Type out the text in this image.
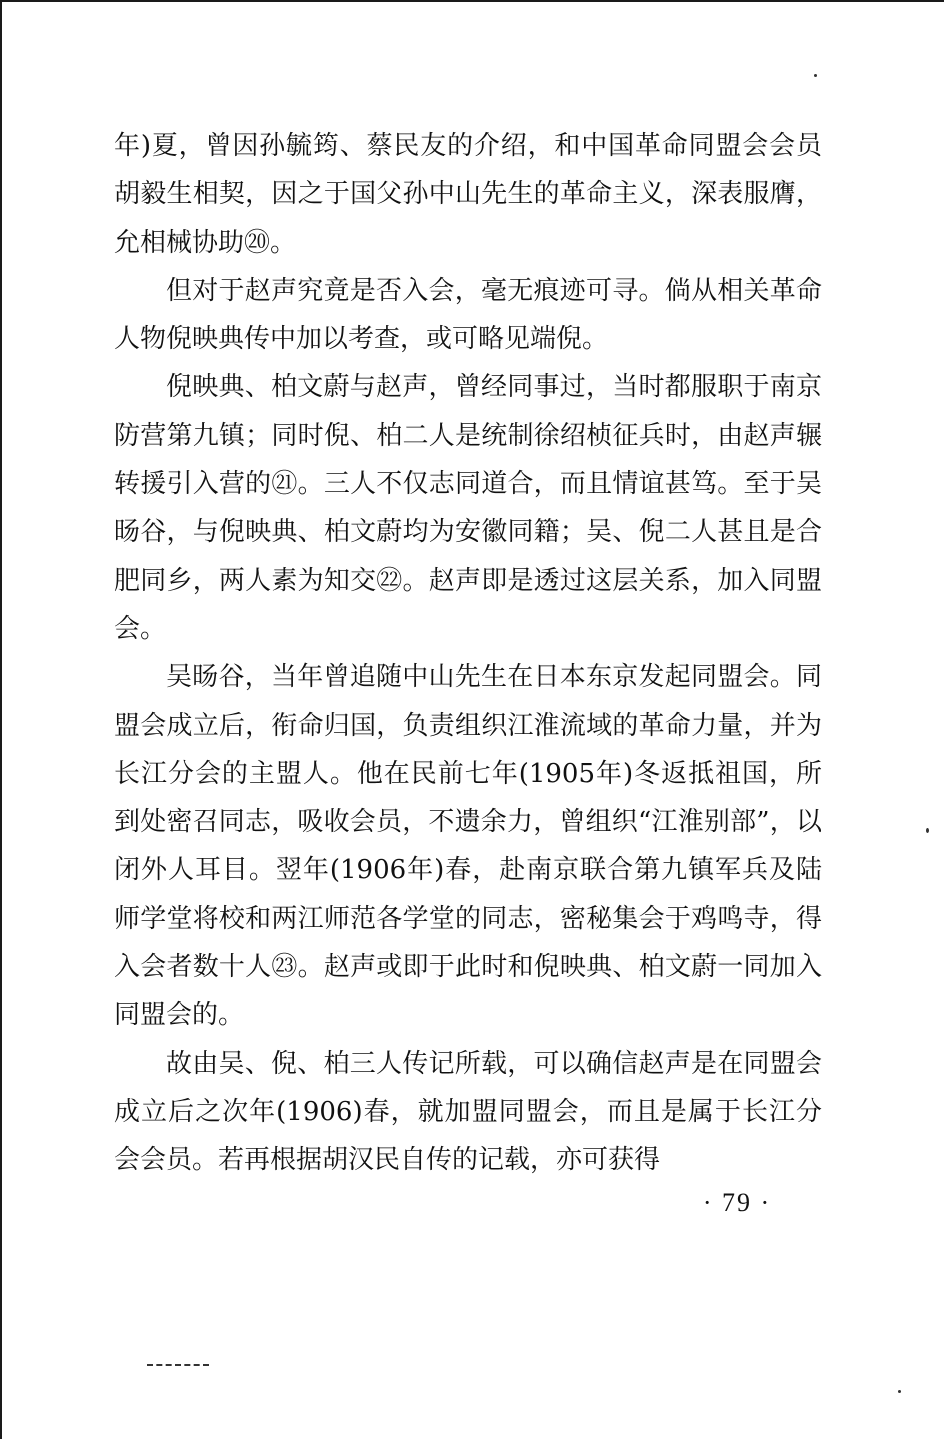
年)夏，曾因孙毓筠、蔡民友的介绍，和中国革命同盟会会员胡毅生相契，因之于国父孙中山先生的革命主义，深表服膺，允相械协助⑳。

但对于赵声究竟是否入会，毫无痕迹可寻。倘从相关革命人物倪映典传中加以考查，或可略见端倪。

倪映典、柏文蔚与赵声，曾经同事过，当时都服职于南京防营第九镇；同时倪、柏二人是统制徐绍桢征兵时，由赵声辗转援引入营的㉑。三人不仅志同道合，而且情谊甚笃。至于吴旸谷，与倪映典、柏文蔚均为安徽同籍；吴、倪二人甚且是合肥同乡，两人素为知交㉒。赵声即是透过这层关系，加入同盟会。

吴旸谷，当年曾追随中山先生在日本东京发起同盟会。同盟会成立后，衔命归国，负责组织江淮流域的革命力量，并为长江分会的主盟人。他在民前七年(1905年)冬返抵祖国，所到处密召同志，吸收会员，不遗余力，曾组织“江淮别部”，以闭外人耳目。翌年(1906年)春，赴南京联合第九镇军兵及陆师学堂将校和两江师范各学堂的同志，密秘集会于鸡鸣寺，得入会者数十人㉓。赵声或即于此时和倪映典、柏文蔚一同加入同盟会的。

故由吴、倪、柏三人传记所载，可以确信赵声是在同盟会成立后之次年(1906)春，就加盟同盟会，而且是属于长江分会会员。若再根据胡汉民自传的记载，亦可获得

· 79 ·
